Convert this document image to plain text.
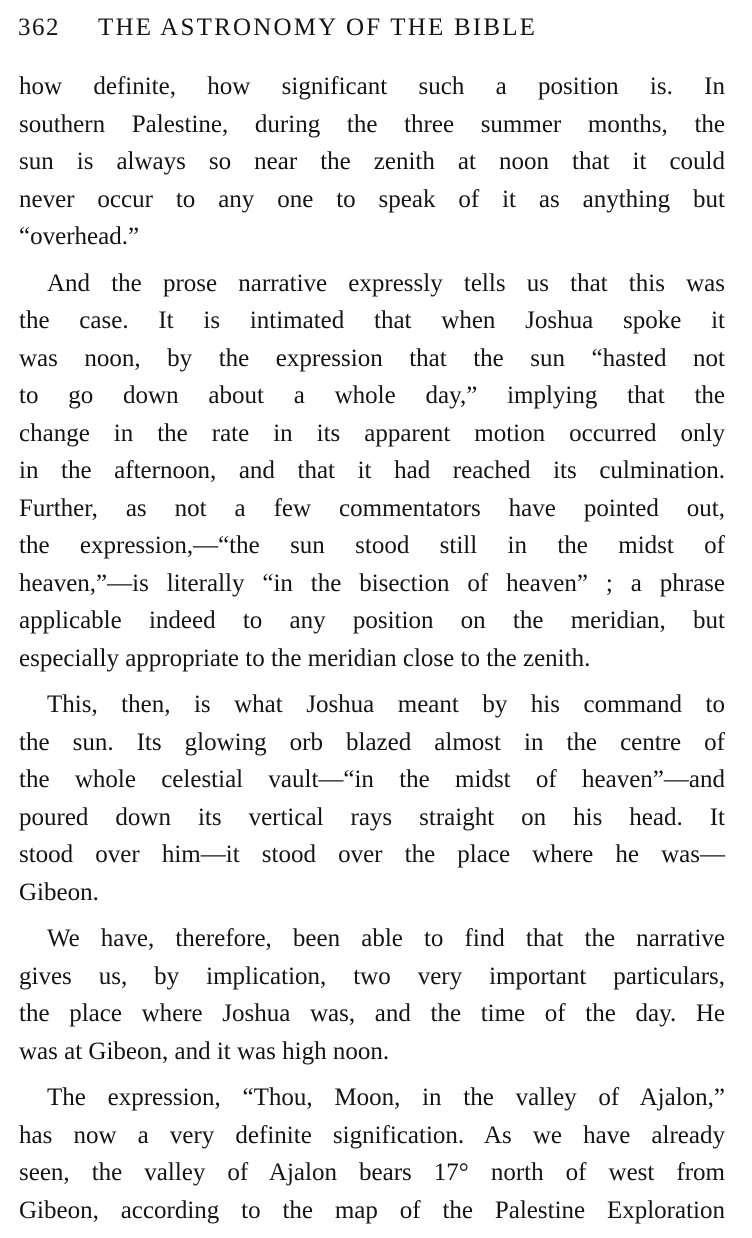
362 THE ASTRONOMY OF THE BIBLE
how definite, how significant such a position is. In
southern Palestine, during the three summer months, the
sun is always so near the zenith at noon that it could
never occur to any one to speak of it as anything but
“overhead.”
And the prose narrative expressly tells us that this was
the case. It is intimated that when Joshua spoke it
was noon, by the expression that the sun “hasted not
to go down about a whole day,” implying that the
change in the rate in its apparent motion occurred only
in the afternoon, and that it had reached its culmination.
Further, as not a few commentators have pointed out,
the expression,—“the sun stood still in the midst of
heaven,”—is literally “in the bisection of heaven” ; a phrase
applicable indeed to any position on the meridian, but
especially appropriate to the meridian close to the zenith.
This, then, is what Joshua meant by his command to
the sun. Its glowing orb blazed almost in the centre of
the whole celestial vault—“in the midst of heaven”—and
poured down its vertical rays straight on his head. It
stood over him—it stood over the place where he was—
Gibeon.
We have, therefore, been able to find that the narrative
gives us, by implication, two very important particulars,
the place where Joshua was, and the time of the day. He
was at Gibeon, and it was high noon.
The expression, “Thou, Moon, in the valley of Ajalon,”
has now a very definite signification. As we have already
seen, the valley of Ajalon bears 17° north of west from
Gibeon, according to the map of the Palestine Exploration
